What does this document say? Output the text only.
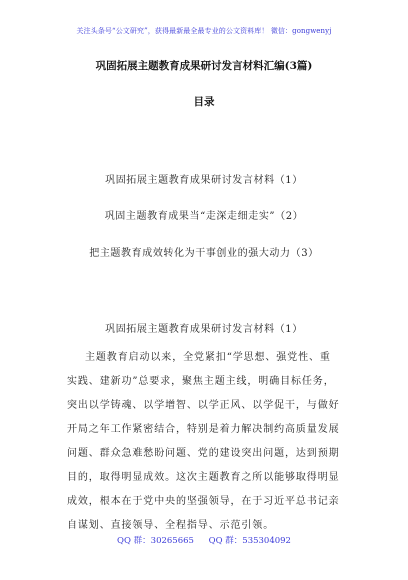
关注头条号“公文研究”，获得最新最全最专业的公文资料库！ 微信：gongwenyj
巩固拓展主题教育成果研讨发言材料汇编(3篇)
目录
巩固拓展主题教育成果研讨发言材料（1）
巩固主题教育成果当“走深走细走实”（2）
把主题教育成效转化为干事创业的强大动力（3）
巩固拓展主题教育成果研讨发言材料（1）
主题教育启动以来，全党紧扣“学思想、强党性、重
实践、建新功”总要求，聚焦主题主线，明确目标任务，
突出以学铸魂、以学增智、以学正风、以学促干，与做好
开局之年工作紧密结合，特别是着力解决制约高质量发展
问题、群众急难愁盼问题、党的建设突出问题，达到预期
目的，取得明显成效。这次主题教育之所以能够取得明显
成效，根本在于党中央的坚强领导，在于习近平总书记亲
自谋划、直接领导、全程指导、示范引领。
QQ 群：30265665 QQ 群：535304092
